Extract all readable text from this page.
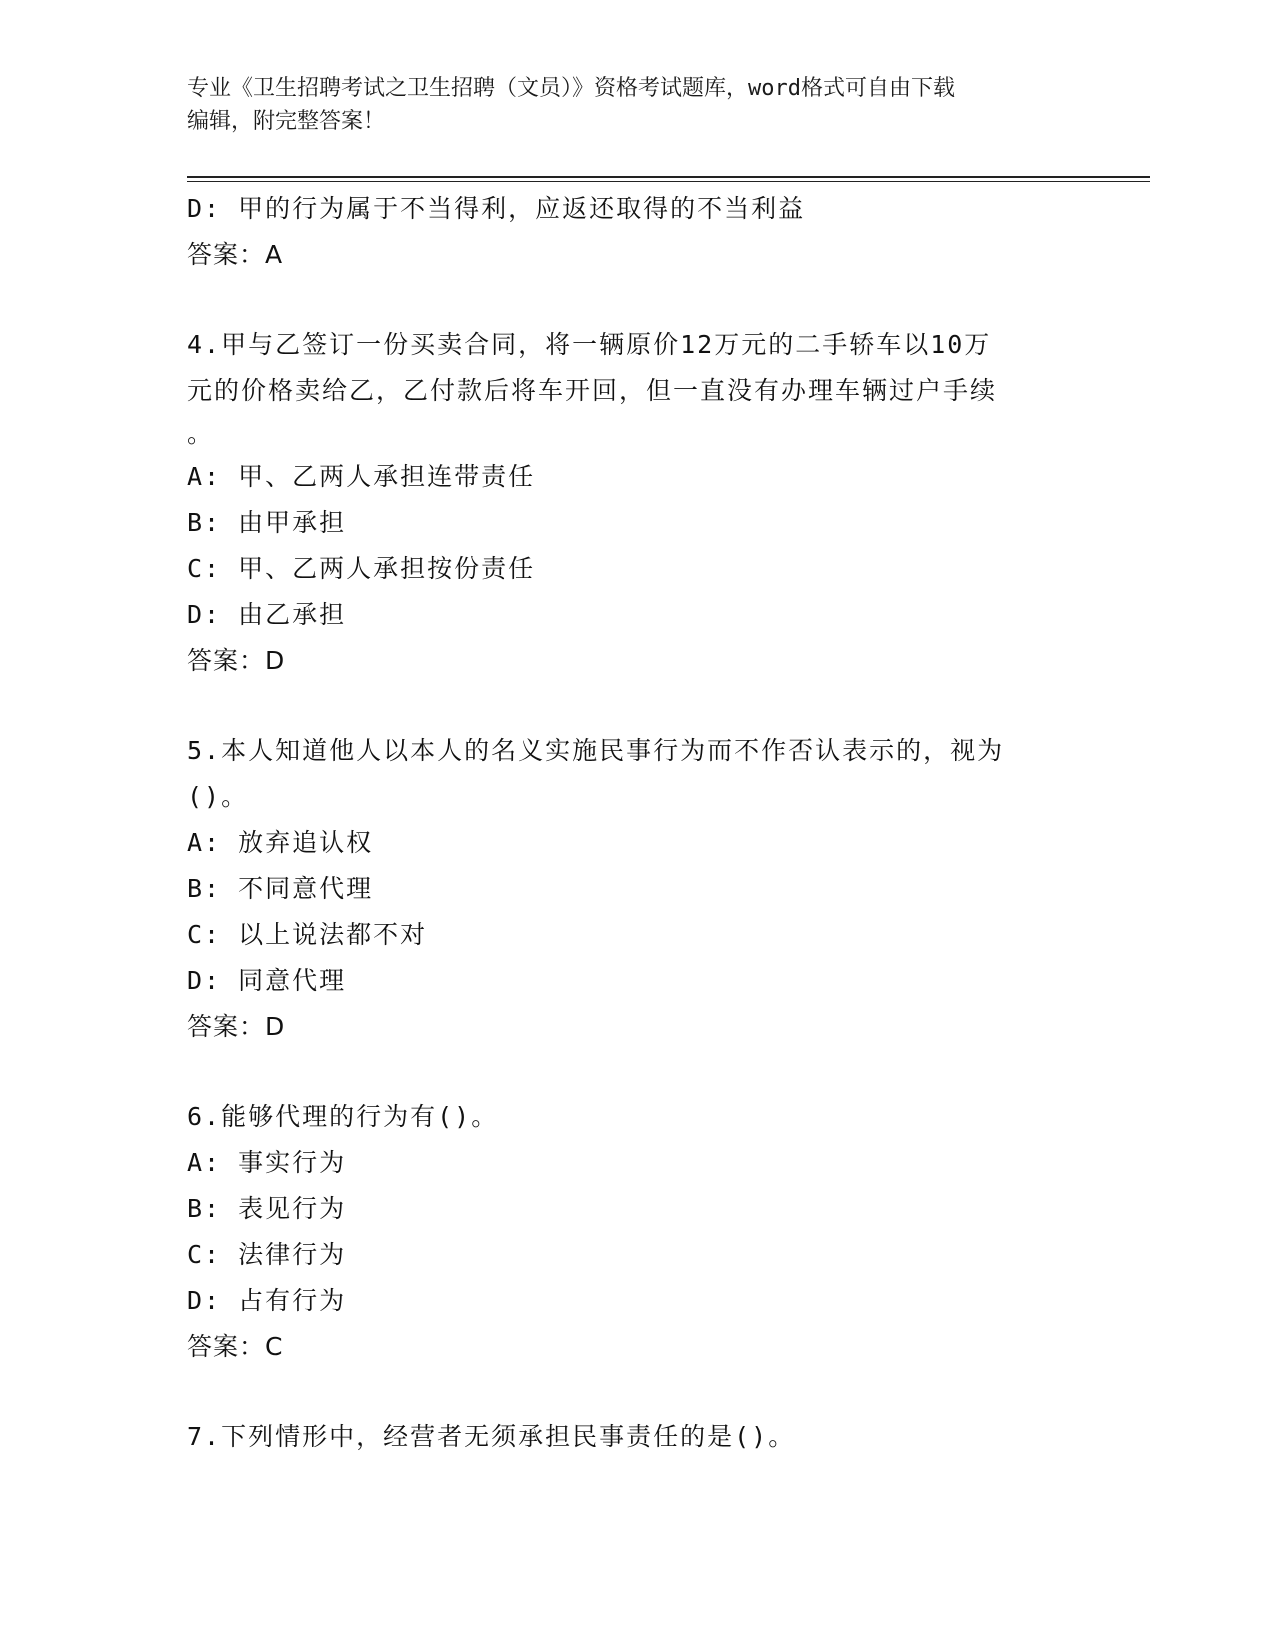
专业《卫生招聘考试之卫生招聘（文员）》资格考试题库，word格式可自由下载
编辑，附完整答案！
D: 甲的行为属于不当得利，应返还取得的不当利益
答案：A
4.甲与乙签订一份买卖合同，将一辆原价12万元的二手轿车以10万
元的价格卖给乙，乙付款后将车开回，但一直没有办理车辆过户手续
。
A: 甲、乙两人承担连带责任
B: 由甲承担
C: 甲、乙两人承担按份责任
D: 由乙承担
答案：D
5.本人知道他人以本人的名义实施民事行为而不作否认表示的，视为
()。
A: 放弃追认权
B: 不同意代理
C: 以上说法都不对
D: 同意代理
答案：D
6.能够代理的行为有()。
A: 事实行为
B: 表见行为
C: 法律行为
D: 占有行为
答案：C
7.下列情形中，经营者无须承担民事责任的是()。
